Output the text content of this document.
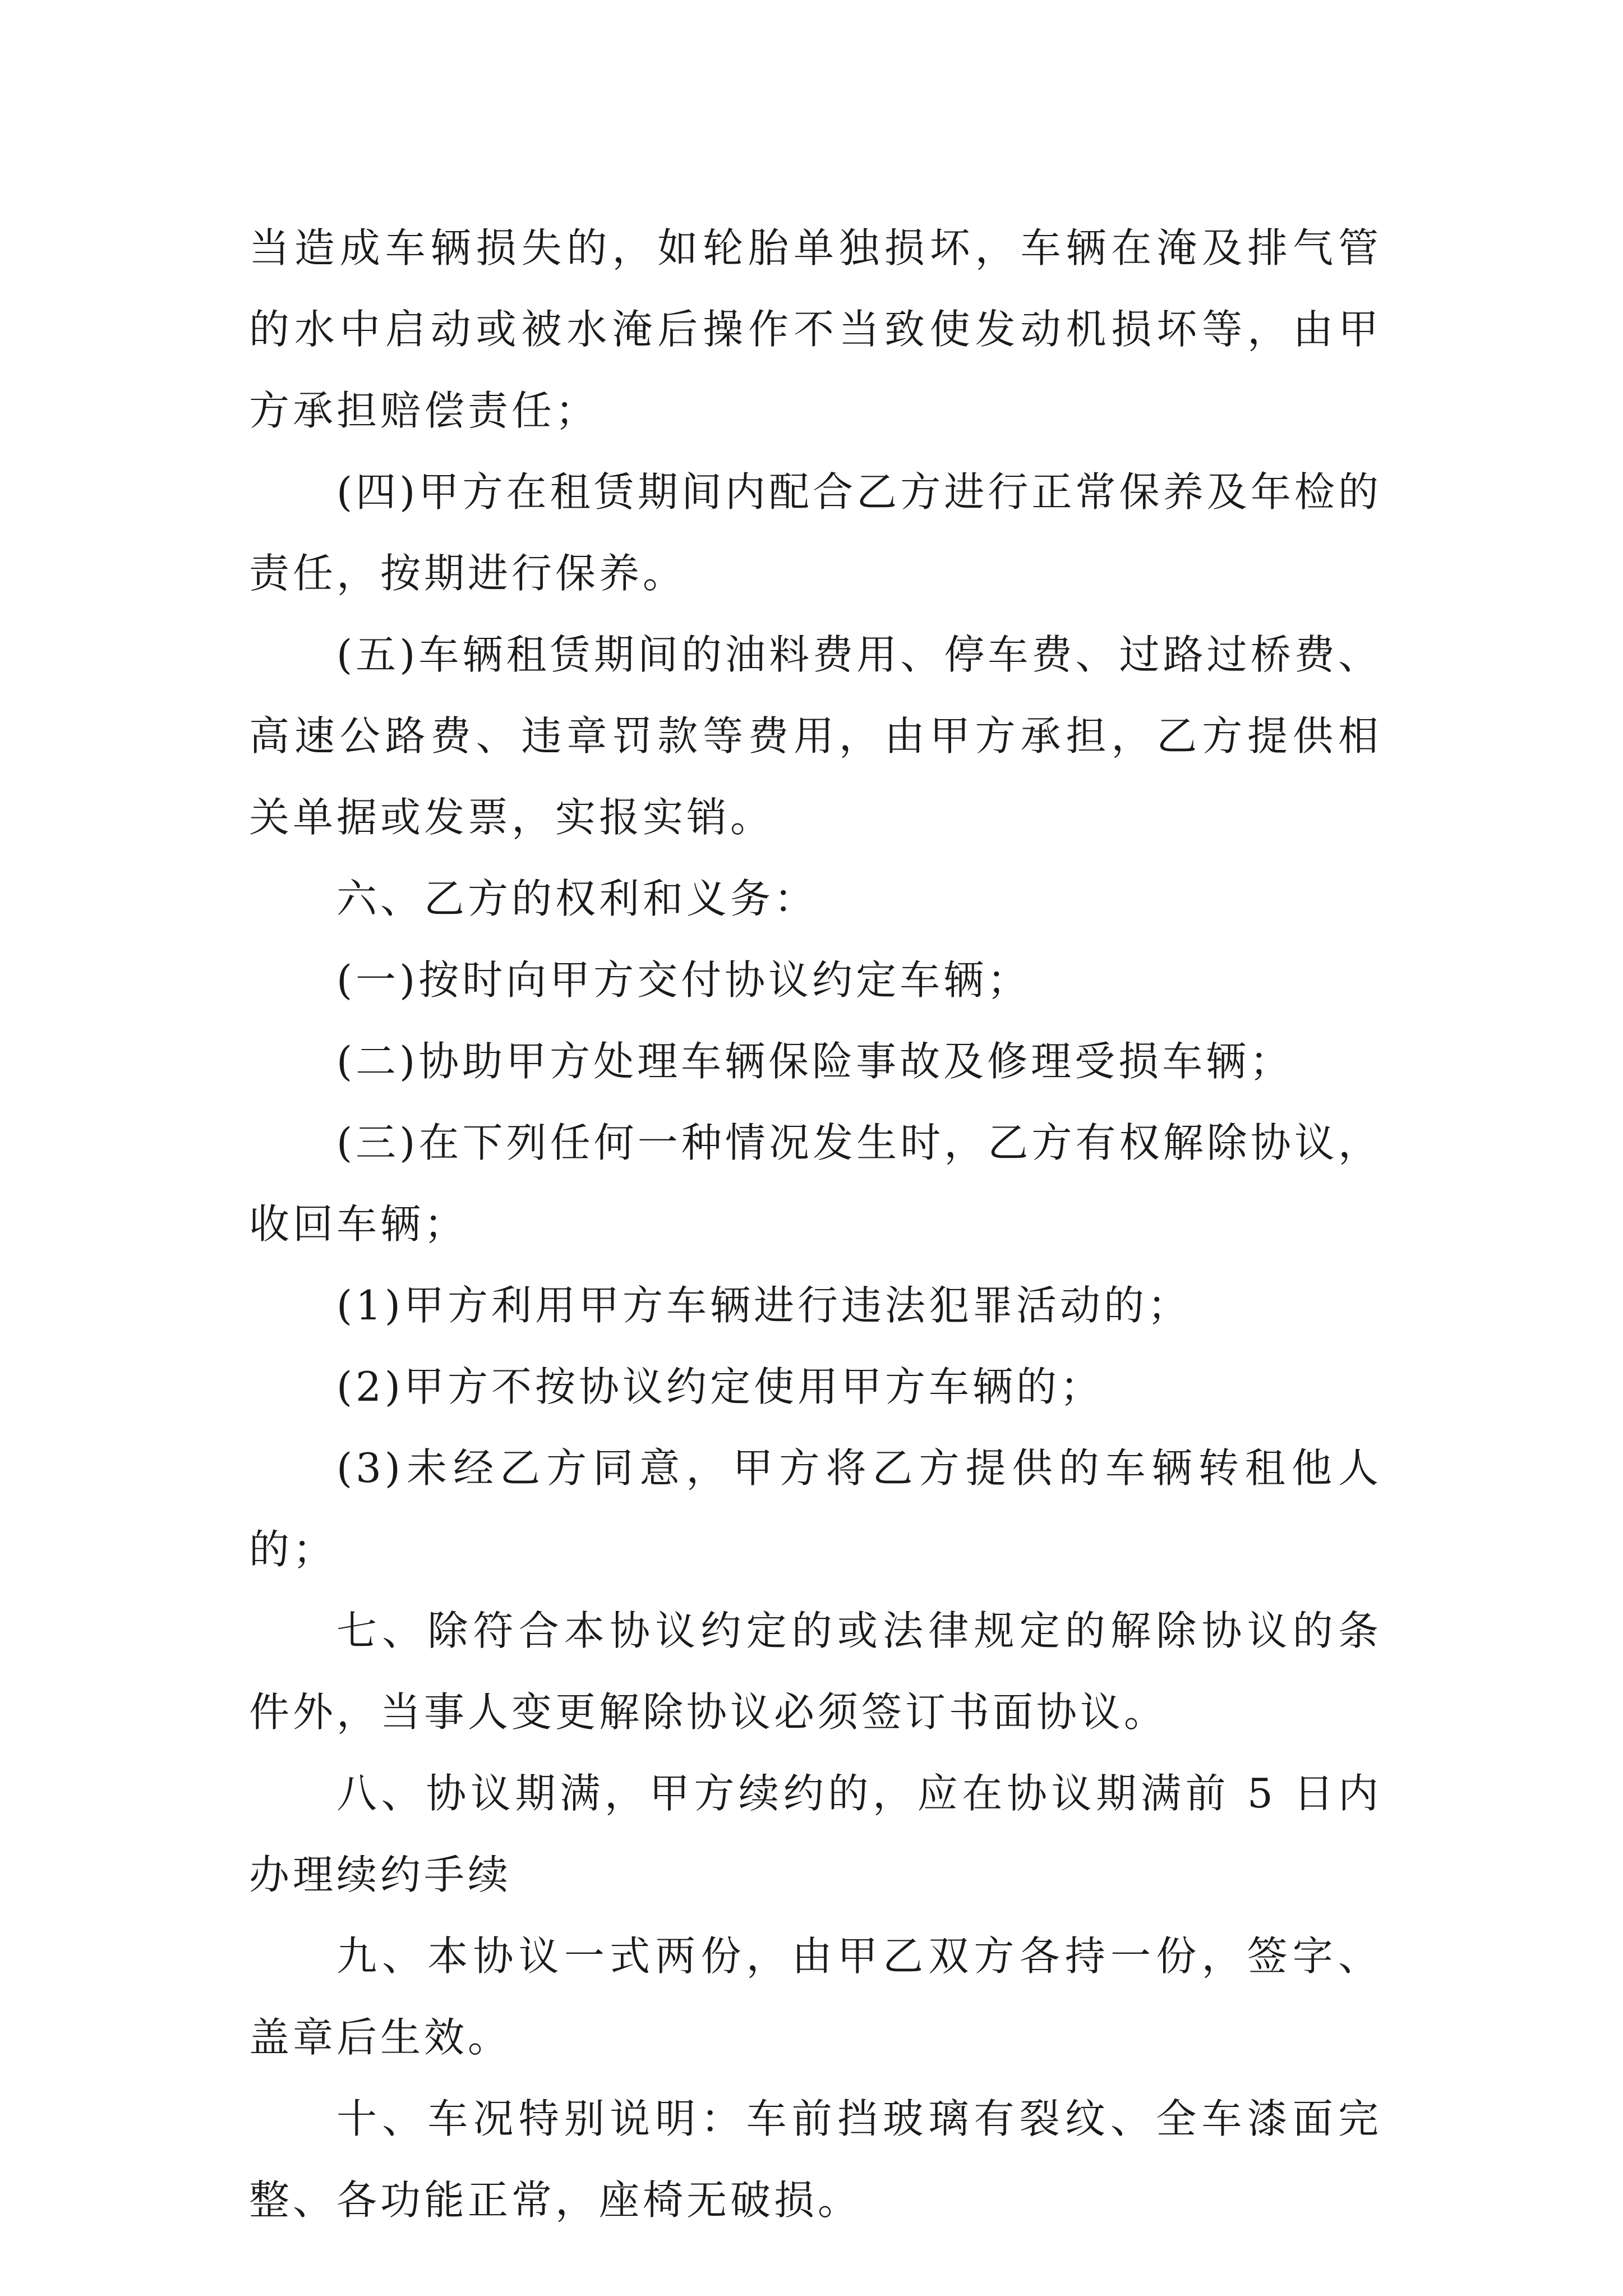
当造成车辆损失的，如轮胎单独损坏，车辆在淹及排气管的水中启动或被水淹后操作不当致使发动机损坏等，由甲方承担赔偿责任；

(四)甲方在租赁期间内配合乙方进行正常保养及年检的责任，按期进行保养。

(五)车辆租赁期间的油料费用、停车费、过路过桥费、高速公路费、违章罚款等费用，由甲方承担，乙方提供相关单据或发票，实报实销。

六、乙方的权利和义务：

(一)按时向甲方交付协议约定车辆；

(二)协助甲方处理车辆保险事故及修理受损车辆；

(三)在下列任何一种情况发生时，乙方有权解除协议，收回车辆；

(1)甲方利用甲方车辆进行违法犯罪活动的；

(2)甲方不按协议约定使用甲方车辆的；

(3)未经乙方同意，甲方将乙方提供的车辆转租他人的；

七、除符合本协议约定的或法律规定的解除协议的条件外，当事人变更解除协议必须签订书面协议。

八、协议期满，甲方续约的，应在协议期满前 5 日内办理续约手续

九、本协议一式两份，由甲乙双方各持一份，签字、盖章后生效。

十、车况特别说明：车前挡玻璃有裂纹、全车漆面完整、各功能正常，座椅无破损。
